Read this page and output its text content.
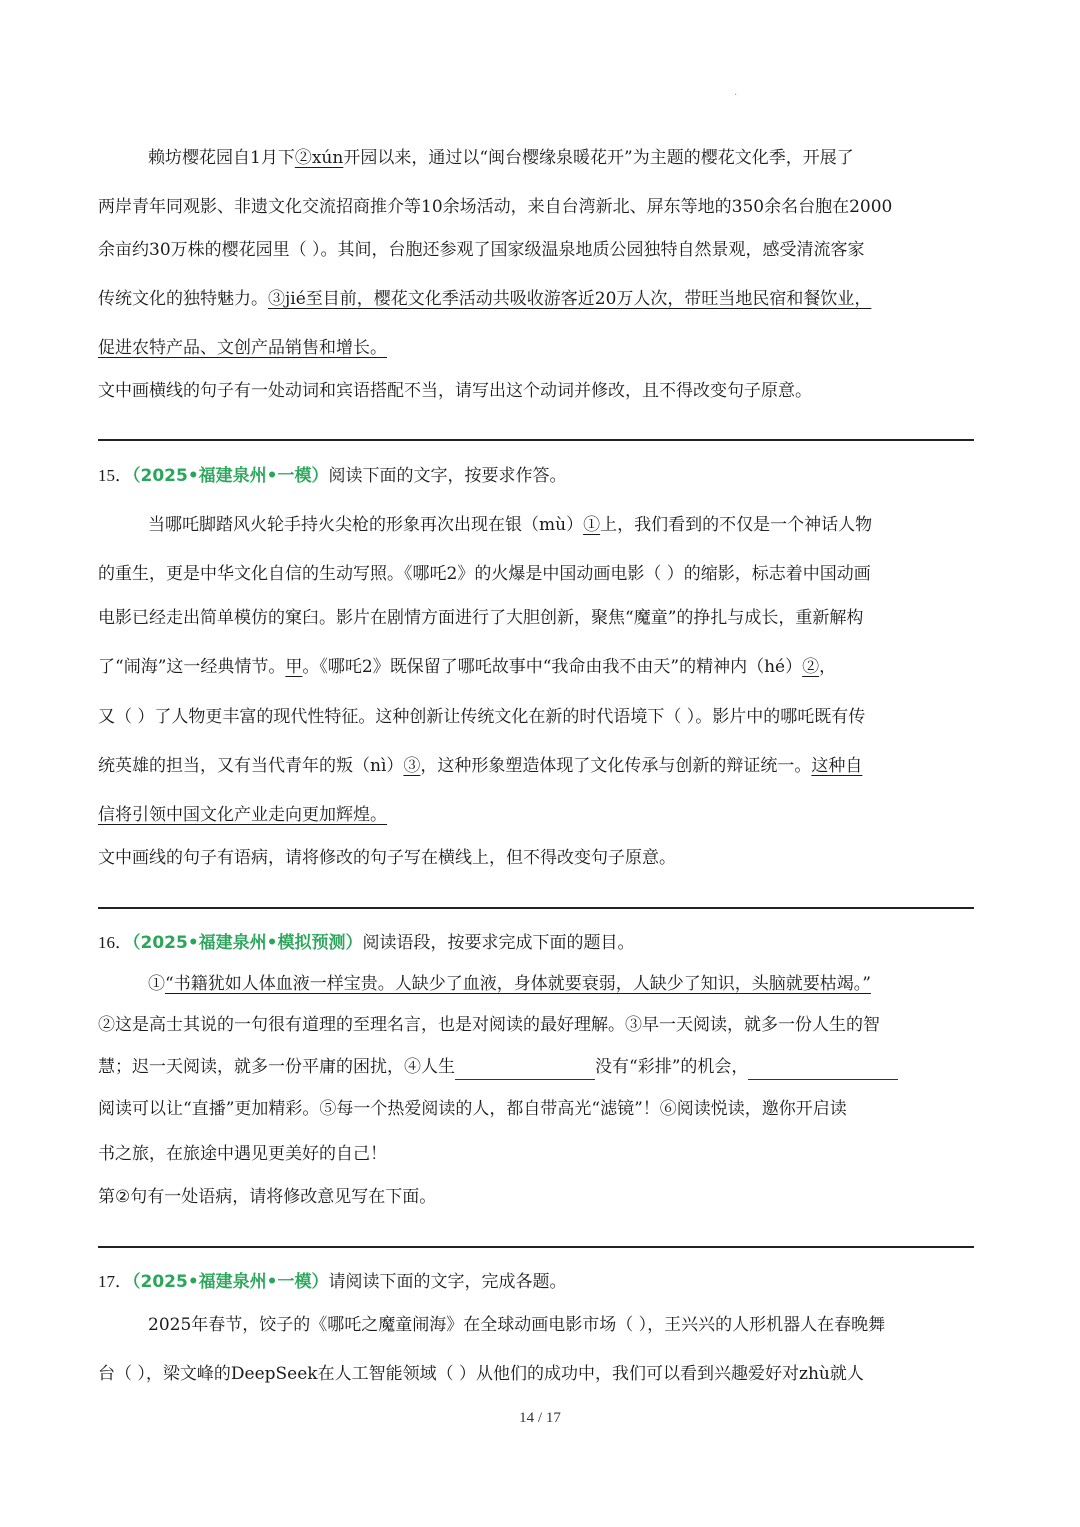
·
赖坊樱花园自1月下②xún开园以来，通过以“闽台樱缘泉暖花开”为主题的樱花文化季，开展了
两岸青年同观影、非遗文化交流招商推介等10余场活动，来自台湾新北、屏东等地的350余名台胞在2000
余亩约30万株的樱花园里（ ）。其间，台胞还参观了国家级温泉地质公园独特自然景观，感受清流客家
传统文化的独特魅力。③jié至目前，樱花文化季活动共吸收游客近20万人次，带旺当地民宿和餐饮业，
促进农特产品、文创产品销售和增长。
文中画横线的句子有一处动词和宾语搭配不当，请写出这个动词并修改，且不得改变句子原意。
15．（2025•福建泉州•一模）阅读下面的文字，按要求作答。
当哪吒脚踏风火轮手持火尖枪的形象再次出现在银（mù）①上，我们看到的不仅是一个神话人物
的重生，更是中华文化自信的生动写照。《哪吒2》的火爆是中国动画电影（ ）的缩影，标志着中国动画
电影已经走出简单模仿的窠臼。影片在剧情方面进行了大胆创新，聚焦“魔童”的挣扎与成长，重新解构
了“闹海”这一经典情节。甲。《哪吒2》既保留了哪吒故事中“我命由我不由天”的精神内（hé）②，
又（ ）了人物更丰富的现代性特征。这种创新让传统文化在新的时代语境下（ ）。影片中的哪吒既有传
统英雄的担当，又有当代青年的叛（nì）③，这种形象塑造体现了文化传承与创新的辩证统一。这种自
信将引领中国文化产业走向更加辉煌。
文中画线的句子有语病，请将修改的句子写在横线上，但不得改变句子原意。
16．（2025•福建泉州•模拟预测）阅读语段，按要求完成下面的题目。
①“书籍犹如人体血液一样宝贵。人缺少了血液，身体就要衰弱，人缺少了知识，头脑就要枯竭。”
②这是高士其说的一句很有道理的至理名言，也是对阅读的最好理解。③早一天阅读，就多一份人生的智
慧；迟一天阅读，就多一份平庸的困扰，④人生	没有“彩排”的机会，
阅读可以让“直播”更加精彩。⑤每一个热爱阅读的人，都自带高光“滤镜”！⑥阅读悦读，邀你开启读
书之旅，在旅途中遇见更美好的自己！
第②句有一处语病，请将修改意见写在下面。
17．（2025•福建泉州•一模）请阅读下面的文字，完成各题。
2025年春节，饺子的《哪吒之魔童闹海》在全球动画电影市场（ ），王兴兴的人形机器人在春晚舞
台（ ），梁文峰的DeepSeek在人工智能领域（ ）从他们的成功中，我们可以看到兴趣爱好对zhù就人
14 / 17
